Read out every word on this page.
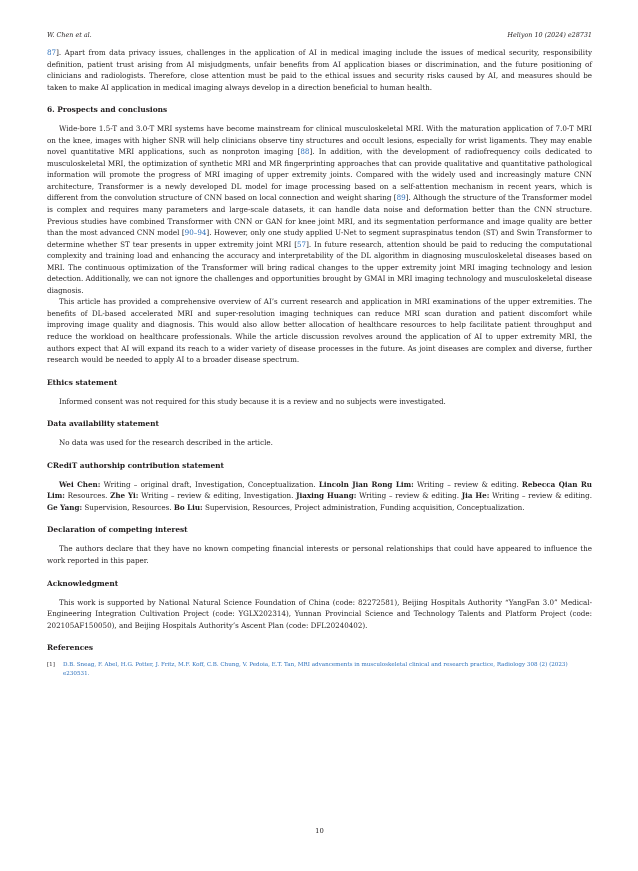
W. Chen et al.	Heliyon 10 (2024) e28731

87]. Apart from data privacy issues, challenges in the application of AI in medical imaging include the issues of medical security, responsibility definition, patient trust arising from AI misjudgments, unfair benefits from AI application biases or discrimination, and the future positioning of clinicians and radiologists. Therefore, close attention must be paid to the ethical issues and security risks caused by AI, and measures should be taken to make AI application in medical imaging always develop in a direction beneficial to human health.

6. Prospects and conclusions

Wide-bore 1.5-T and 3.0-T MRI systems have become mainstream for clinical musculoskeletal MRI. With the maturation application of 7.0-T MRI on the knee, images with higher SNR will help clinicians observe tiny structures and occult lesions, especially for wrist ligaments. They may enable novel quantitative MRI applications, such as nonproton imaging [88]. In addition, with the development of radiofrequency coils dedicated to musculoskeletal MRI, the optimization of synthetic MRI and MR fingerprinting approaches that can provide qualitative and quantitative pathological information will promote the progress of MRI imaging of upper extremity joints. Compared with the widely used and increasingly mature CNN architecture, Transformer is a newly developed DL model for image processing based on a self-attention mechanism in recent years, which is different from the convolution structure of CNN based on local connection and weight sharing [89]. Although the structure of the Transformer model is complex and requires many parameters and large-scale datasets, it can handle data noise and deformation better than the CNN structure. Previous studies have combined Transformer with CNN or GAN for knee joint MRI, and its segmentation performance and image quality are better than the most advanced CNN model [90–94]. However, only one study applied U-Net to segment supraspinatus tendon (ST) and Swin Transformer to determine whether ST tear presents in upper extremity joint MRI [57]. In future research, attention should be paid to reducing the computational complexity and training load and enhancing the accuracy and interpretability of the DL algorithm in diagnosing musculoskeletal diseases based on MRI. The continuous optimization of the Transformer will bring radical changes to the upper extremity joint MRI imaging technology and lesion detection. Additionally, we can not ignore the challenges and opportunities brought by GMAI in MRI imaging technology and musculoskeletal disease diagnosis.

This article has provided a comprehensive overview of AI’s current research and application in MRI examinations of the upper extremities. The benefits of DL-based accelerated MRI and super-resolution imaging techniques can reduce MRI scan duration and patient discomfort while improving image quality and diagnosis. This would also allow better allocation of healthcare resources to help facilitate patient throughput and reduce the workload on healthcare professionals. While the article discussion revolves around the application of AI to upper extremity MRI, the authors expect that AI will expand its reach to a wider variety of disease processes in the future. As joint diseases are complex and diverse, further research would be needed to apply AI to a broader disease spectrum.

Ethics statement

Informed consent was not required for this study because it is a review and no subjects were investigated.

Data availability statement

No data was used for the research described in the article.

CRediT authorship contribution statement

Wei Chen: Writing – original draft, Investigation, Conceptualization. Lincoln Jian Rong Lim: Writing – review & editing. Rebecca Qian Ru Lim: Resources. Zhe Yi: Writing – review & editing, Investigation. Jiaxing Huang: Writing – review & editing. Jia He: Writing – review & editing. Ge Yang: Supervision, Resources. Bo Liu: Supervision, Resources, Project administration, Funding acquisition, Conceptualization.

Declaration of competing interest

The authors declare that they have no known competing financial interests or personal relationships that could have appeared to influence the work reported in this paper.

Acknowledgment

This work is supported by National Natural Science Foundation of China (code: 82272581), Beijing Hospitals Authority “YangFan 3.0” Medical-Engineering Integration Cultivation Project (code: YGLX202314), Yunnan Provincial Science and Technology Talents and Platform Project (code: 202105AF150050), and Beijing Hospitals Authority’s Ascent Plan (code: DFL20240402).

References
[1] D.B. Sneag, F. Abel, H.G. Potter, J. Fritz, M.F. Koff, C.B. Chung, V. Pedoia, E.T. Tan, MRI advancements in musculoskeletal clinical and research practice, Radiology 308 (2) (2023) e230531.
10
